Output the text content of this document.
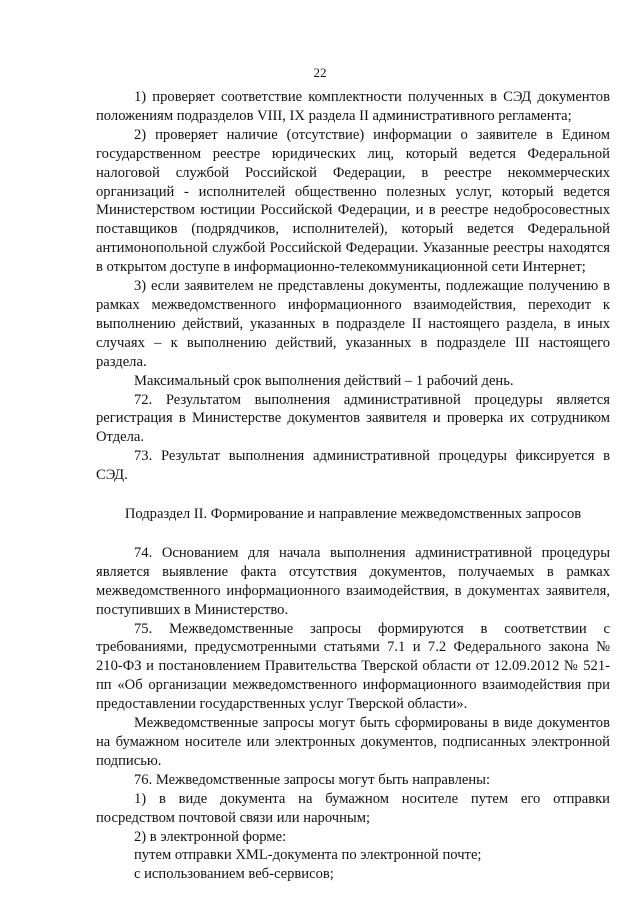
22

1) проверяет соответствие комплектности полученных в СЭД документов положениям подразделов VIII, IX раздела II административного регламента;

2) проверяет наличие (отсутствие) информации о заявителе в Едином государственном реестре юридических лиц, который ведется Федеральной налоговой службой Российской Федерации, в реестре некоммерческих организаций - исполнителей общественно полезных услуг, который ведется Министерством юстиции Российской Федерации, и в реестре недобросовестных поставщиков (подрядчиков, исполнителей), который ведется Федеральной антимонопольной службой Российской Федерации. Указанные реестры находятся в открытом доступе в информационно-телекоммуникационной сети Интернет;

3) если заявителем не представлены документы, подлежащие получению в рамках межведомственного информационного взаимодействия, переходит к выполнению действий, указанных в подразделе II настоящего раздела, в иных случаях – к выполнению действий, указанных в подразделе III настоящего раздела.

Максимальный срок выполнения действий – 1 рабочий день.

72. Результатом выполнения административной процедуры является регистрация в Министерстве документов заявителя и проверка их сотрудником Отдела.

73. Результат выполнения административной процедуры фиксируется в СЭД.

Подраздел II. Формирование и направление межведомственных запросов

74. Основанием для начала выполнения административной процедуры является выявление факта отсутствия документов, получаемых в рамках межведомственного информационного взаимодействия, в документах заявителя, поступивших в Министерство.

75. Межведомственные запросы формируются в соответствии с требованиями, предусмотренными статьями 7.1 и 7.2 Федерального закона № 210-ФЗ и постановлением Правительства Тверской области от 12.09.2012 № 521-пп «Об организации межведомственного информационного взаимодействия при предоставлении государственных услуг Тверской области».

Межведомственные запросы могут быть сформированы в виде документов на бумажном носителе или электронных документов, подписанных электронной подписью.

76. Межведомственные запросы могут быть направлены:

1) в виде документа на бумажном носителе путем его отправки посредством почтовой связи или нарочным;

2) в электронной форме:

путем отправки XML-документа по электронной почте;

с использованием веб-сервисов;
